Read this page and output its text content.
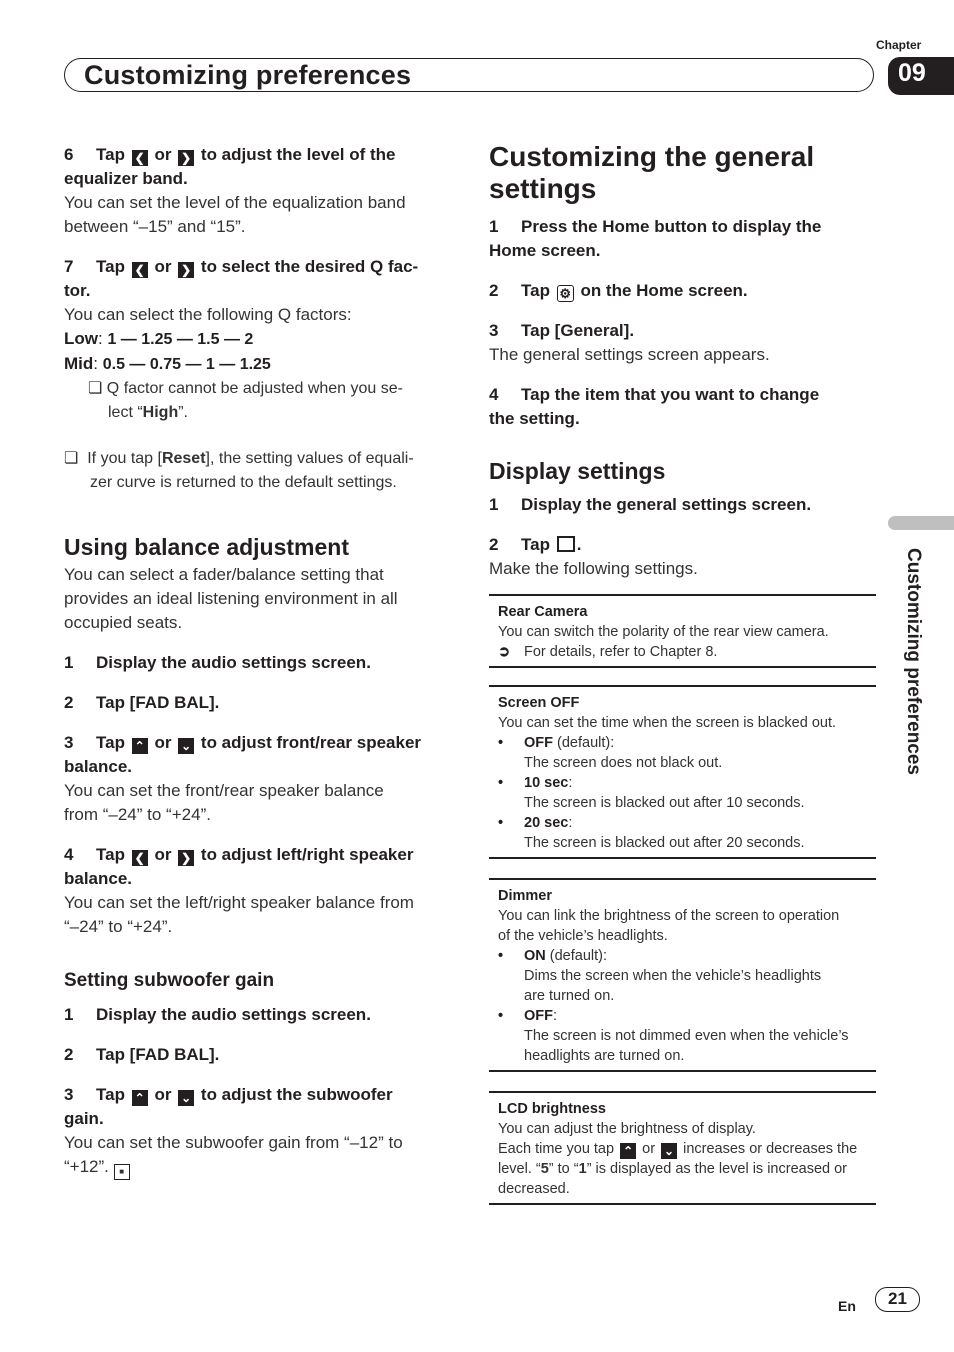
Chapter
Customizing preferences	09
Customizing preferences

6 Tap ❮ or ❯ to adjust the level of the
equalizer band.

You can set the level of the equalization band
between “–15” and “15”.

7 Tap ❮ or ❯ to select the desired Q fac-
tor.

You can select the following Q factors:

Low: 1 — 1.25 — 1.5 — 2

Mid: 0.5 — 0.75 — 1 — 1.25

❏ Q factor cannot be adjusted when you se-
lect “High”.

❏ If you tap [Reset], the setting values of equali-
zer curve is returned to the default settings.

Using balance adjustment

You can select a fader/balance setting that
provides an ideal listening environment in all
occupied seats.

1 Display the audio settings screen.

2 Tap [FAD BAL].

3 Tap ⌃ or ⌄ to adjust front/rear speaker
balance.

You can set the front/rear speaker balance
from “–24” to “+24”.

4 Tap ❮ or ❯ to adjust left/right speaker
balance.

You can set the left/right speaker balance from
“–24” to “+24”.

Setting subwoofer gain

1 Display the audio settings screen.

2 Tap [FAD BAL].

3 Tap ⌃ or ⌄ to adjust the subwoofer
gain.

You can set the subwoofer gain from “–12” to
“+12”. ■

Customizing the general
settings

1 Press the Home button to display the
Home screen.

2 Tap ⚙ on the Home screen.

3 Tap [General].

The general settings screen appears.

4 Tap the item that you want to change
the setting.

Display settings

1 Display the general settings screen.

2 Tap .

Make the following settings.

Rear Camera
You can switch the polarity of the rear view camera.
➲ For details, refer to Chapter 8.
Screen OFF
You can set the time when the screen is blacked out.
•	OFF (default):
The screen does not black out.
•	10 sec:
The screen is blacked out after 10 seconds.
•	20 sec:
The screen is blacked out after 20 seconds.
Dimmer
You can link the brightness of the screen to operation
of the vehicle’s headlights.
•	ON (default):
Dims the screen when the vehicle’s headlights
are turned on.
•	OFF:
The screen is not dimmed even when the vehicle’s
headlights are turned on.
LCD brightness
You can adjust the brightness of display.
Each time you tap ⌃ or ⌄ increases or decreases the
level. “5” to “1” is displayed as the level is increased or
decreased.
En	21
